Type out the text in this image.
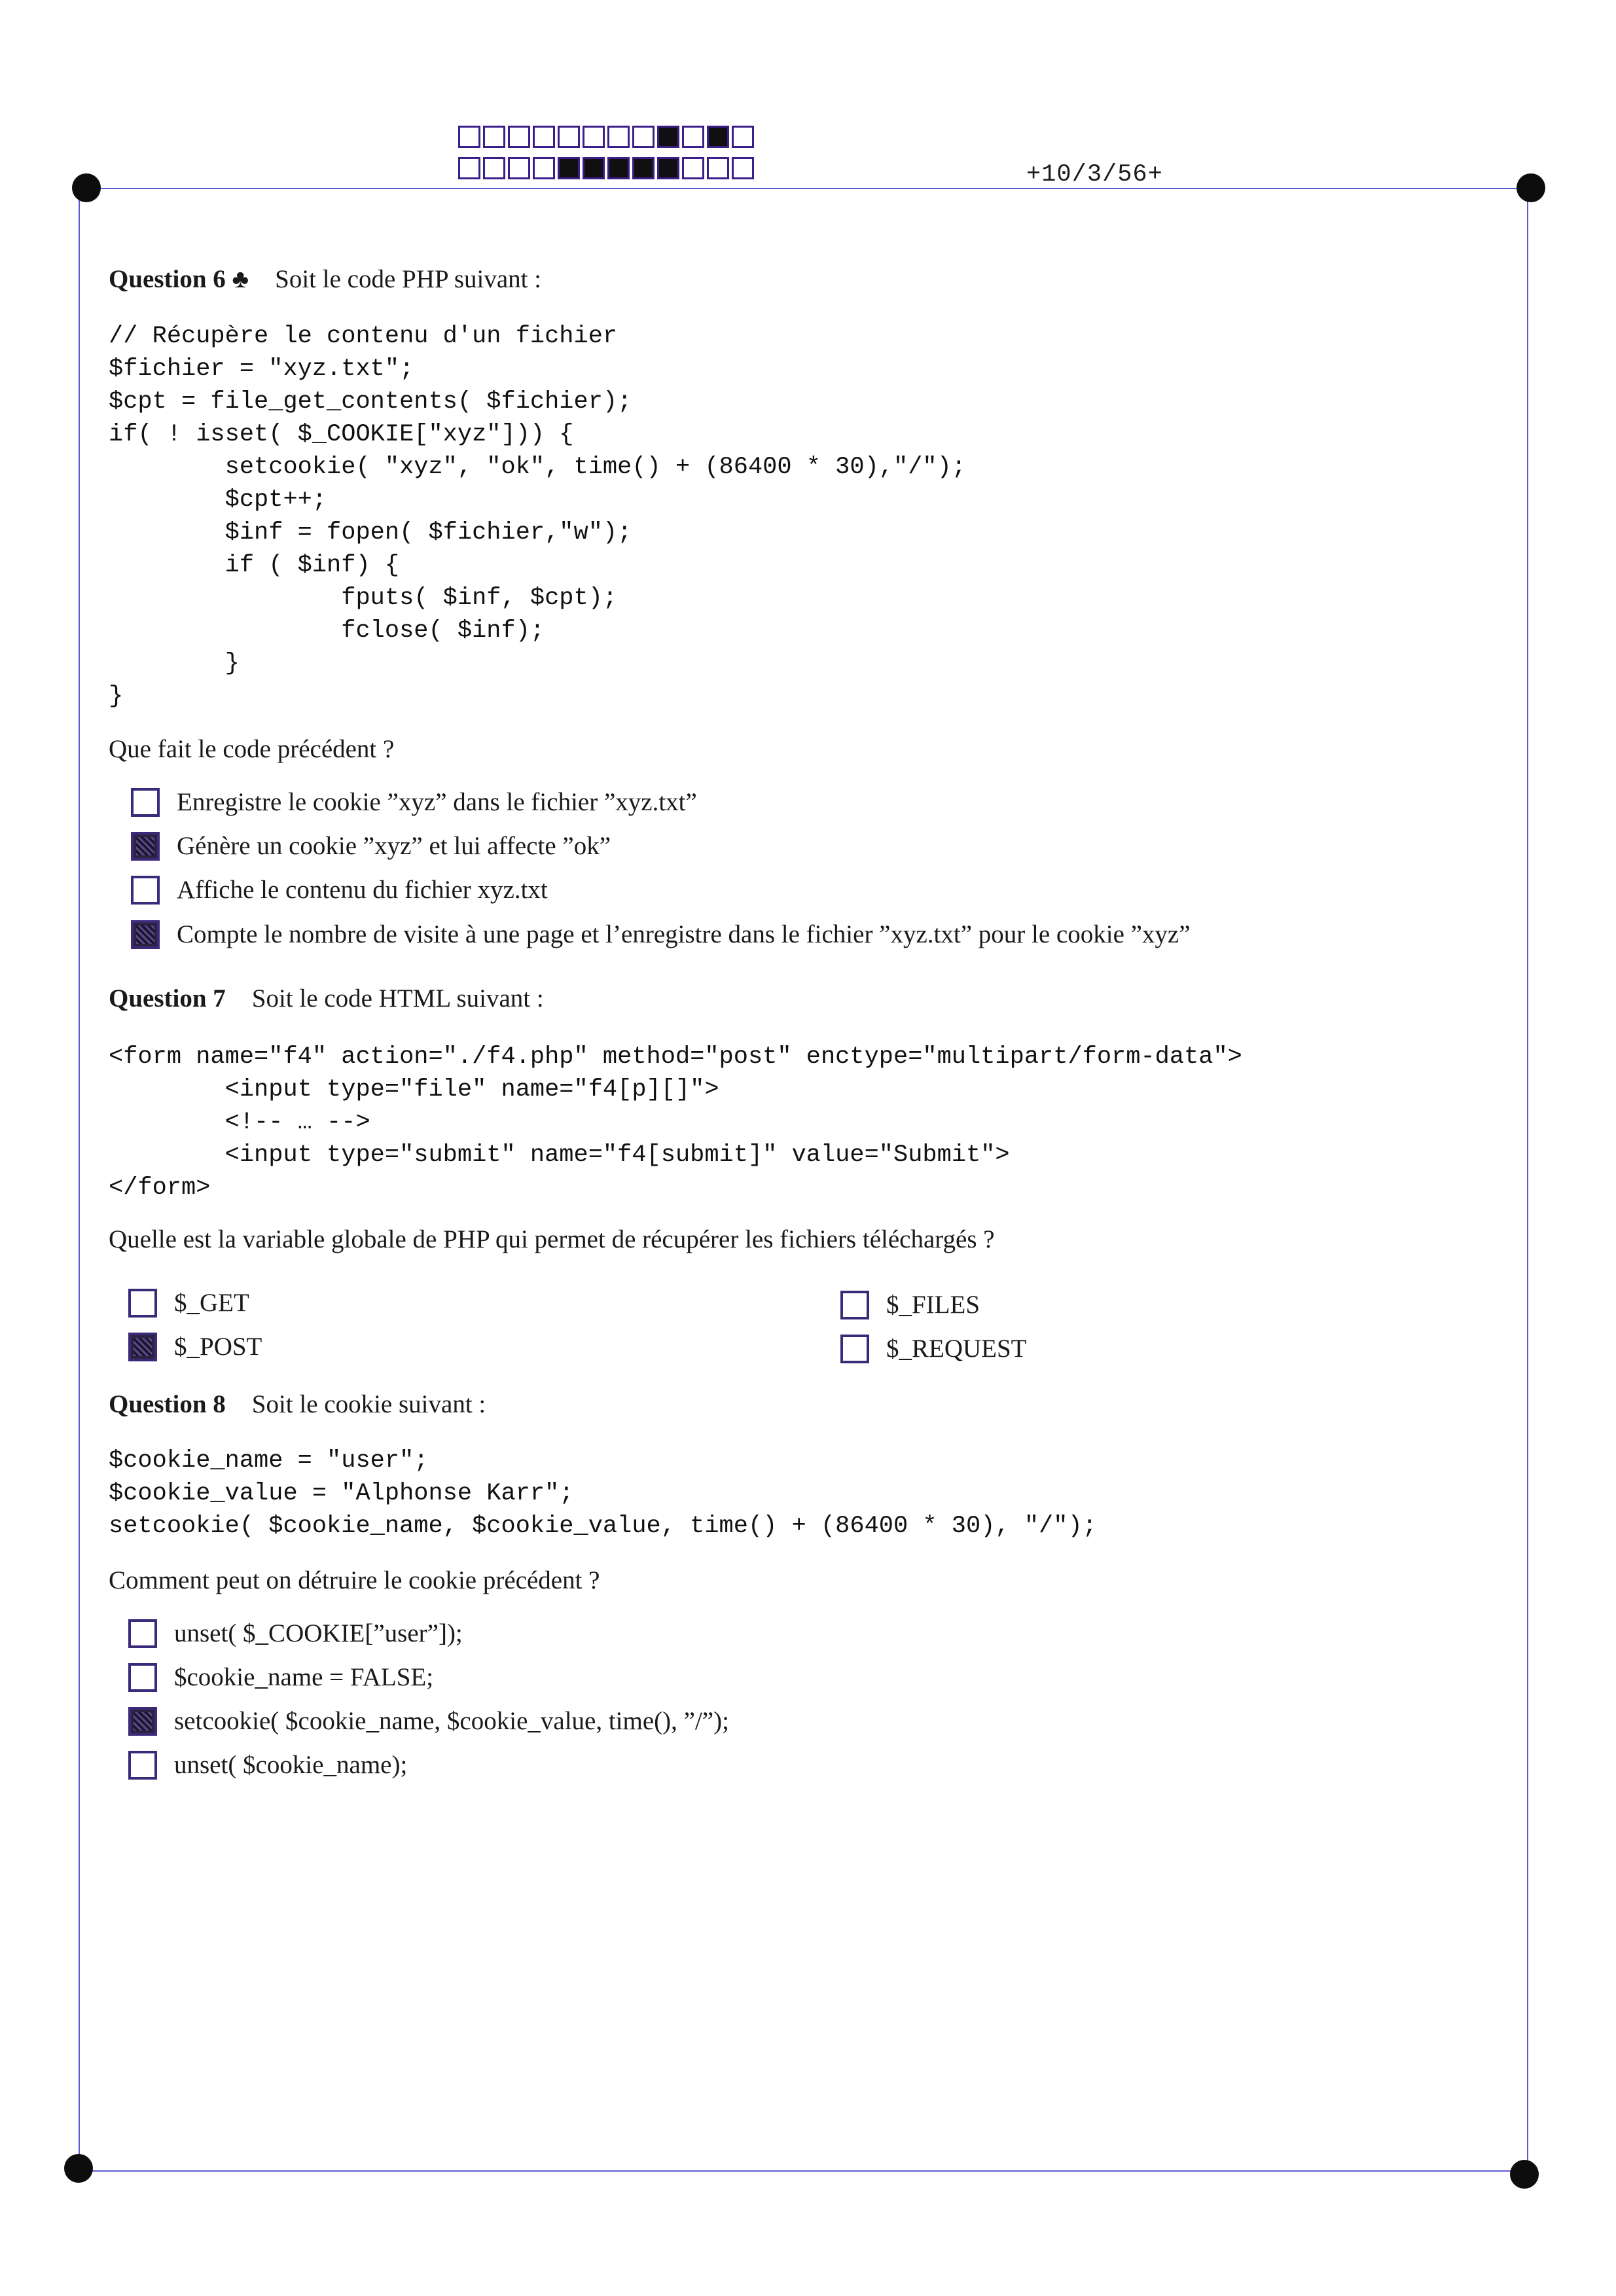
+10/3/56+
Question 6 ♣ Soit le code PHP suivant :
// Récupère le contenu d'un fichier
$fichier = "xyz.txt";
$cpt = file_get_contents( $fichier);
if( ! isset( $_COOKIE["xyz"])) {
setcookie( "xyz", "ok", time() + (86400 * 30),"/");
$cpt++;
$inf = fopen( $fichier,"w");
if ( $inf) {
fputs( $inf, $cpt);
fclose( $inf);
}
}
Que fait le code précédent ?
Enregistre le cookie ”xyz” dans le fichier ”xyz.txt”
Génère un cookie ”xyz” et lui affecte ”ok”
Affiche le contenu du fichier xyz.txt
Compte le nombre de visite à une page et l’enregistre dans le fichier ”xyz.txt” pour le cookie ”xyz”
Question 7 Soit le code HTML suivant :
<form name="f4" action="./f4.php" method="post" enctype="multipart/form-data">
<input type="file" name="f4[p][]">
<!-- … -->
<input type="submit" name="f4[submit]" value="Submit">
</form>
Quelle est la variable globale de PHP qui permet de récupérer les fichiers téléchargés ?
$_GET
$_POST
$_FILES
$_REQUEST
Question 8 Soit le cookie suivant :
$cookie_name = "user";
$cookie_value = "Alphonse Karr";
setcookie( $cookie_name, $cookie_value, time() + (86400 * 30), "/");
Comment peut on détruire le cookie précédent ?
unset( $_COOKIE[”user”]);
$cookie_name = FALSE;
setcookie( $cookie_name, $cookie_value, time(), ”/”);
unset( $cookie_name);
